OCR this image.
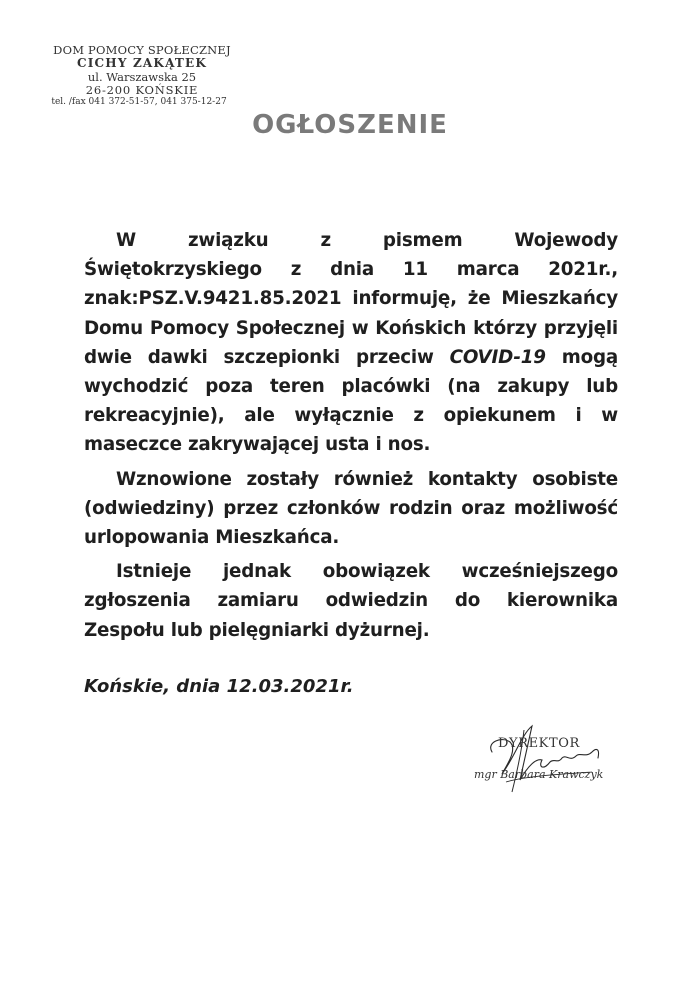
DOM POMOCY SPOŁECZNEJ
CICHY ZAKĄTEK
ul. Warszawska 25
26-200 KOŃSKIE
tel. /fax 041 372-51-57, 041 375-12-27
OGŁOSZENIE

W związku z pismem Wojewody Świętokrzyskiego z dnia 11 marca 2021r., znak:PSZ.V.9421.85.2021 informuję, że Mieszkańcy Domu Pomocy Społecznej w Końskich którzy przyjęli dwie dawki szczepionki przeciw COVID-19 mogą wychodzić poza teren placówki (na zakupy lub rekreacyjnie), ale wyłącznie z opiekunem i w maseczce zakrywającej usta i nos.

Wznowione zostały również kontakty osobiste (odwiedziny) przez członków rodzin oraz możliwość urlopowania Mieszkańca.

Istnieje jednak obowiązek wcześniejszego zgłoszenia zamiaru odwiedzin do kierownika Zespołu lub pielęgniarki dyżurnej.

Końskie, dnia 12.03.2021r.
DYREKTOR
mgr Barbara Krawczyk
